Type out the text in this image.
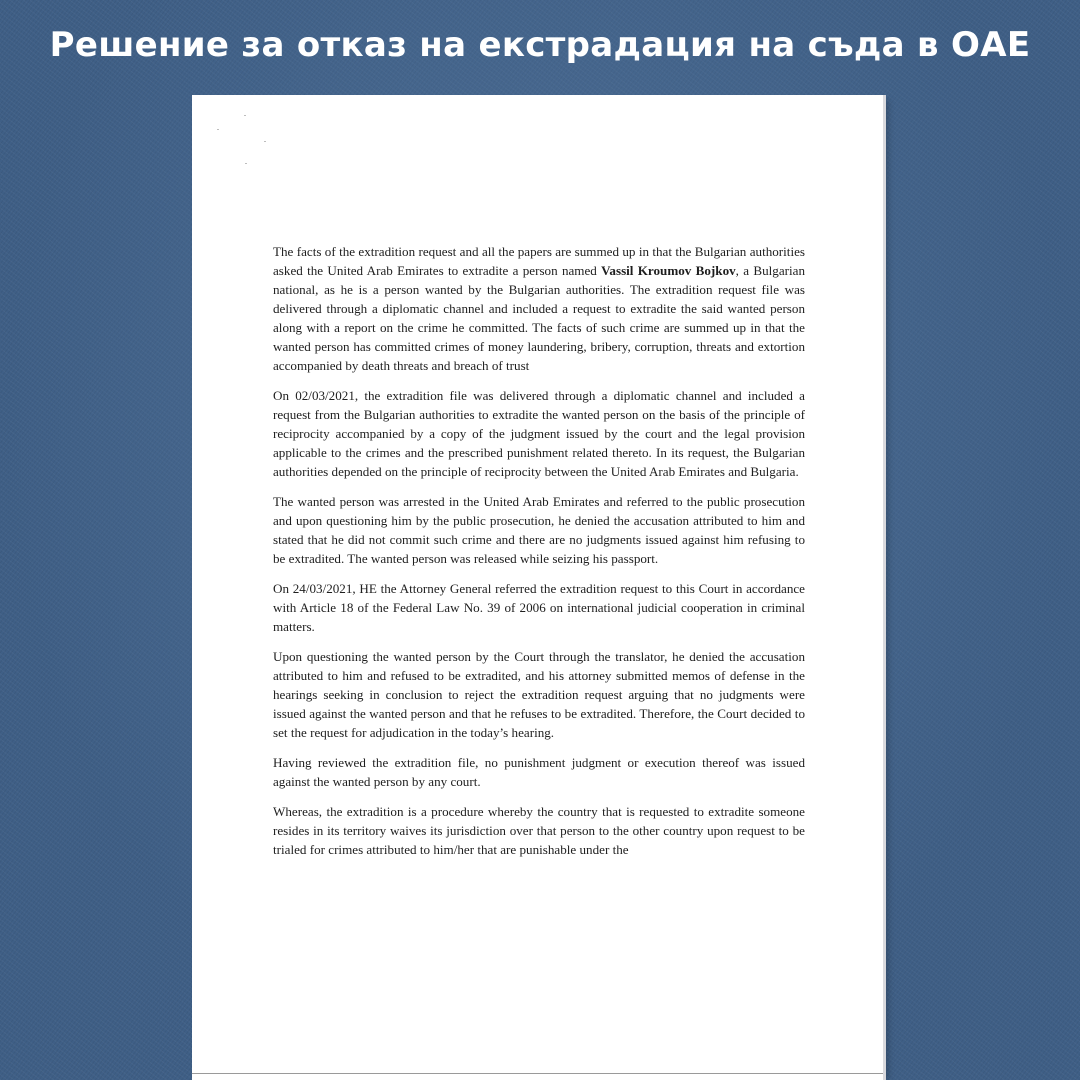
Решение за отказ на екстрадация на съда в ОАЕ

The facts of the extradition request and all the papers are summed up in that the Bulgarian authorities asked the United Arab Emirates to extradite a person named Vassil Kroumov Bojkov, a Bulgarian national, as he is a person wanted by the Bulgarian authorities. The extradition request file was delivered through a diplomatic channel and included a request to extradite the said wanted person along with a report on the crime he committed. The facts of such crime are summed up in that the wanted person has committed crimes of money laundering, bribery, corruption, threats and extortion accompanied by death threats and breach of trust

On 02/03/2021, the extradition file was delivered through a diplomatic channel and included a request from the Bulgarian authorities to extradite the wanted person on the basis of the principle of reciprocity accompanied by a copy of the judgment issued by the court and the legal provision applicable to the crimes and the prescribed punishment related thereto. In its request, the Bulgarian authorities depended on the principle of reciprocity between the United Arab Emirates and Bulgaria.

The wanted person was arrested in the United Arab Emirates and referred to the public prosecution and upon questioning him by the public prosecution, he denied the accusation attributed to him and stated that he did not commit such crime and there are no judgments issued against him refusing to be extradited. The wanted person was released while seizing his passport.

On 24/03/2021, HE the Attorney General referred the extradition request to this Court in accordance with Article 18 of the Federal Law No. 39 of 2006 on international judicial cooperation in criminal matters.

Upon questioning the wanted person by the Court through the translator, he denied the accusation attributed to him and refused to be extradited, and his attorney submitted memos of defense in the hearings seeking in conclusion to reject the extradition request arguing that no judgments were issued against the wanted person and that he refuses to be extradited. Therefore, the Court decided to set the request for adjudication in the today’s hearing.

Having reviewed the extradition file, no punishment judgment or execution thereof was issued against the wanted person by any court.

Whereas, the extradition is a procedure whereby the country that is requested to extradite someone resides in its territory waives its jurisdiction over that person to the other country upon request to be trialed for crimes attributed to him/her that are punishable under the
